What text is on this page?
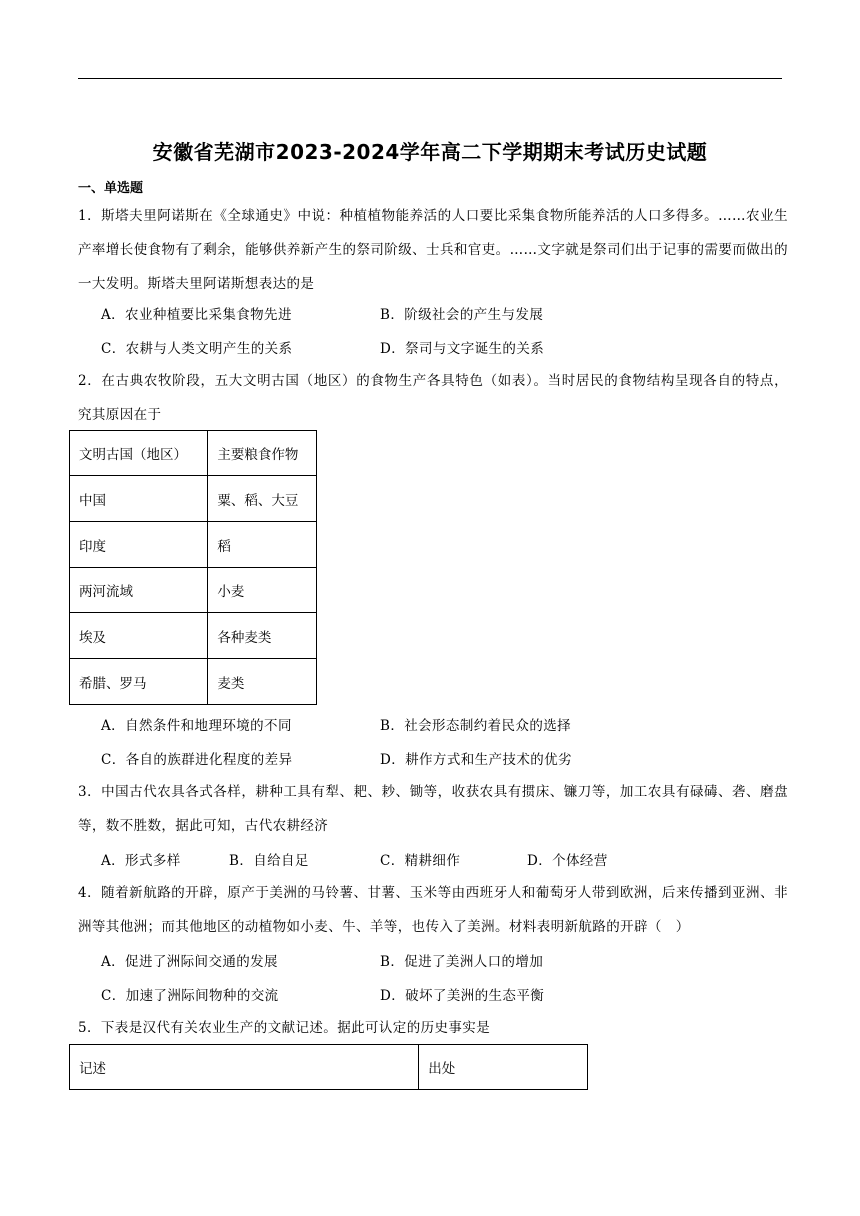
安徽省芜湖市2023-2024学年高二下学期期末考试历史试题
一、单选题

1．斯塔夫里阿诺斯在《全球通史》中说：种植植物能养活的人口要比采集食物所能养活的人口多得多。……农业生产率增长使食物有了剩余，能够供养新产生的祭司阶级、士兵和官吏。……文字就是祭司们出于记事的需要而做出的一大发明。斯塔夫里阿诺斯想表达的是

A．农业种植要比采集食物先进	B．阶级社会的产生与发展
C．农耕与人类文明产生的关系	D．祭司与文字诞生的关系

2．在古典农牧阶段，五大文明古国（地区）的食物生产各具特色（如表）。当时居民的食物结构呈现各自的特点，究其原因在于

文明古国（地区）	主要粮食作物
中国	粟、稻、大豆
印度	稻
两河流域	小麦
埃及	各种麦类
希腊、罗马	麦类
A．自然条件和地理环境的不同	B．社会形态制约着民众的选择
C．各自的族群进化程度的差异	D．耕作方式和生产技术的优劣

3．中国古代农具各式各样，耕种工具有犁、耙、耖、锄等，收获农具有掼床、镰刀等，加工农具有碌碡、砻、磨盘等，数不胜数，据此可知，古代农耕经济

A．形式多样	B．自给自足	C．精耕细作	D．个体经营

4．随着新航路的开辟，原产于美洲的马铃薯、甘薯、玉米等由西班牙人和葡萄牙人带到欧洲，后来传播到亚洲、非洲等其他洲；而其他地区的动植物如小麦、牛、羊等，也传入了美洲。材料表明新航路的开辟（　）

A．促进了洲际间交通的发展	B．促进了美洲人口的增加
C．加速了洲际间物种的交流	D．破坏了美洲的生态平衡

5．下表是汉代有关农业生产的文献记述。据此可认定的历史事实是

记述	出处
